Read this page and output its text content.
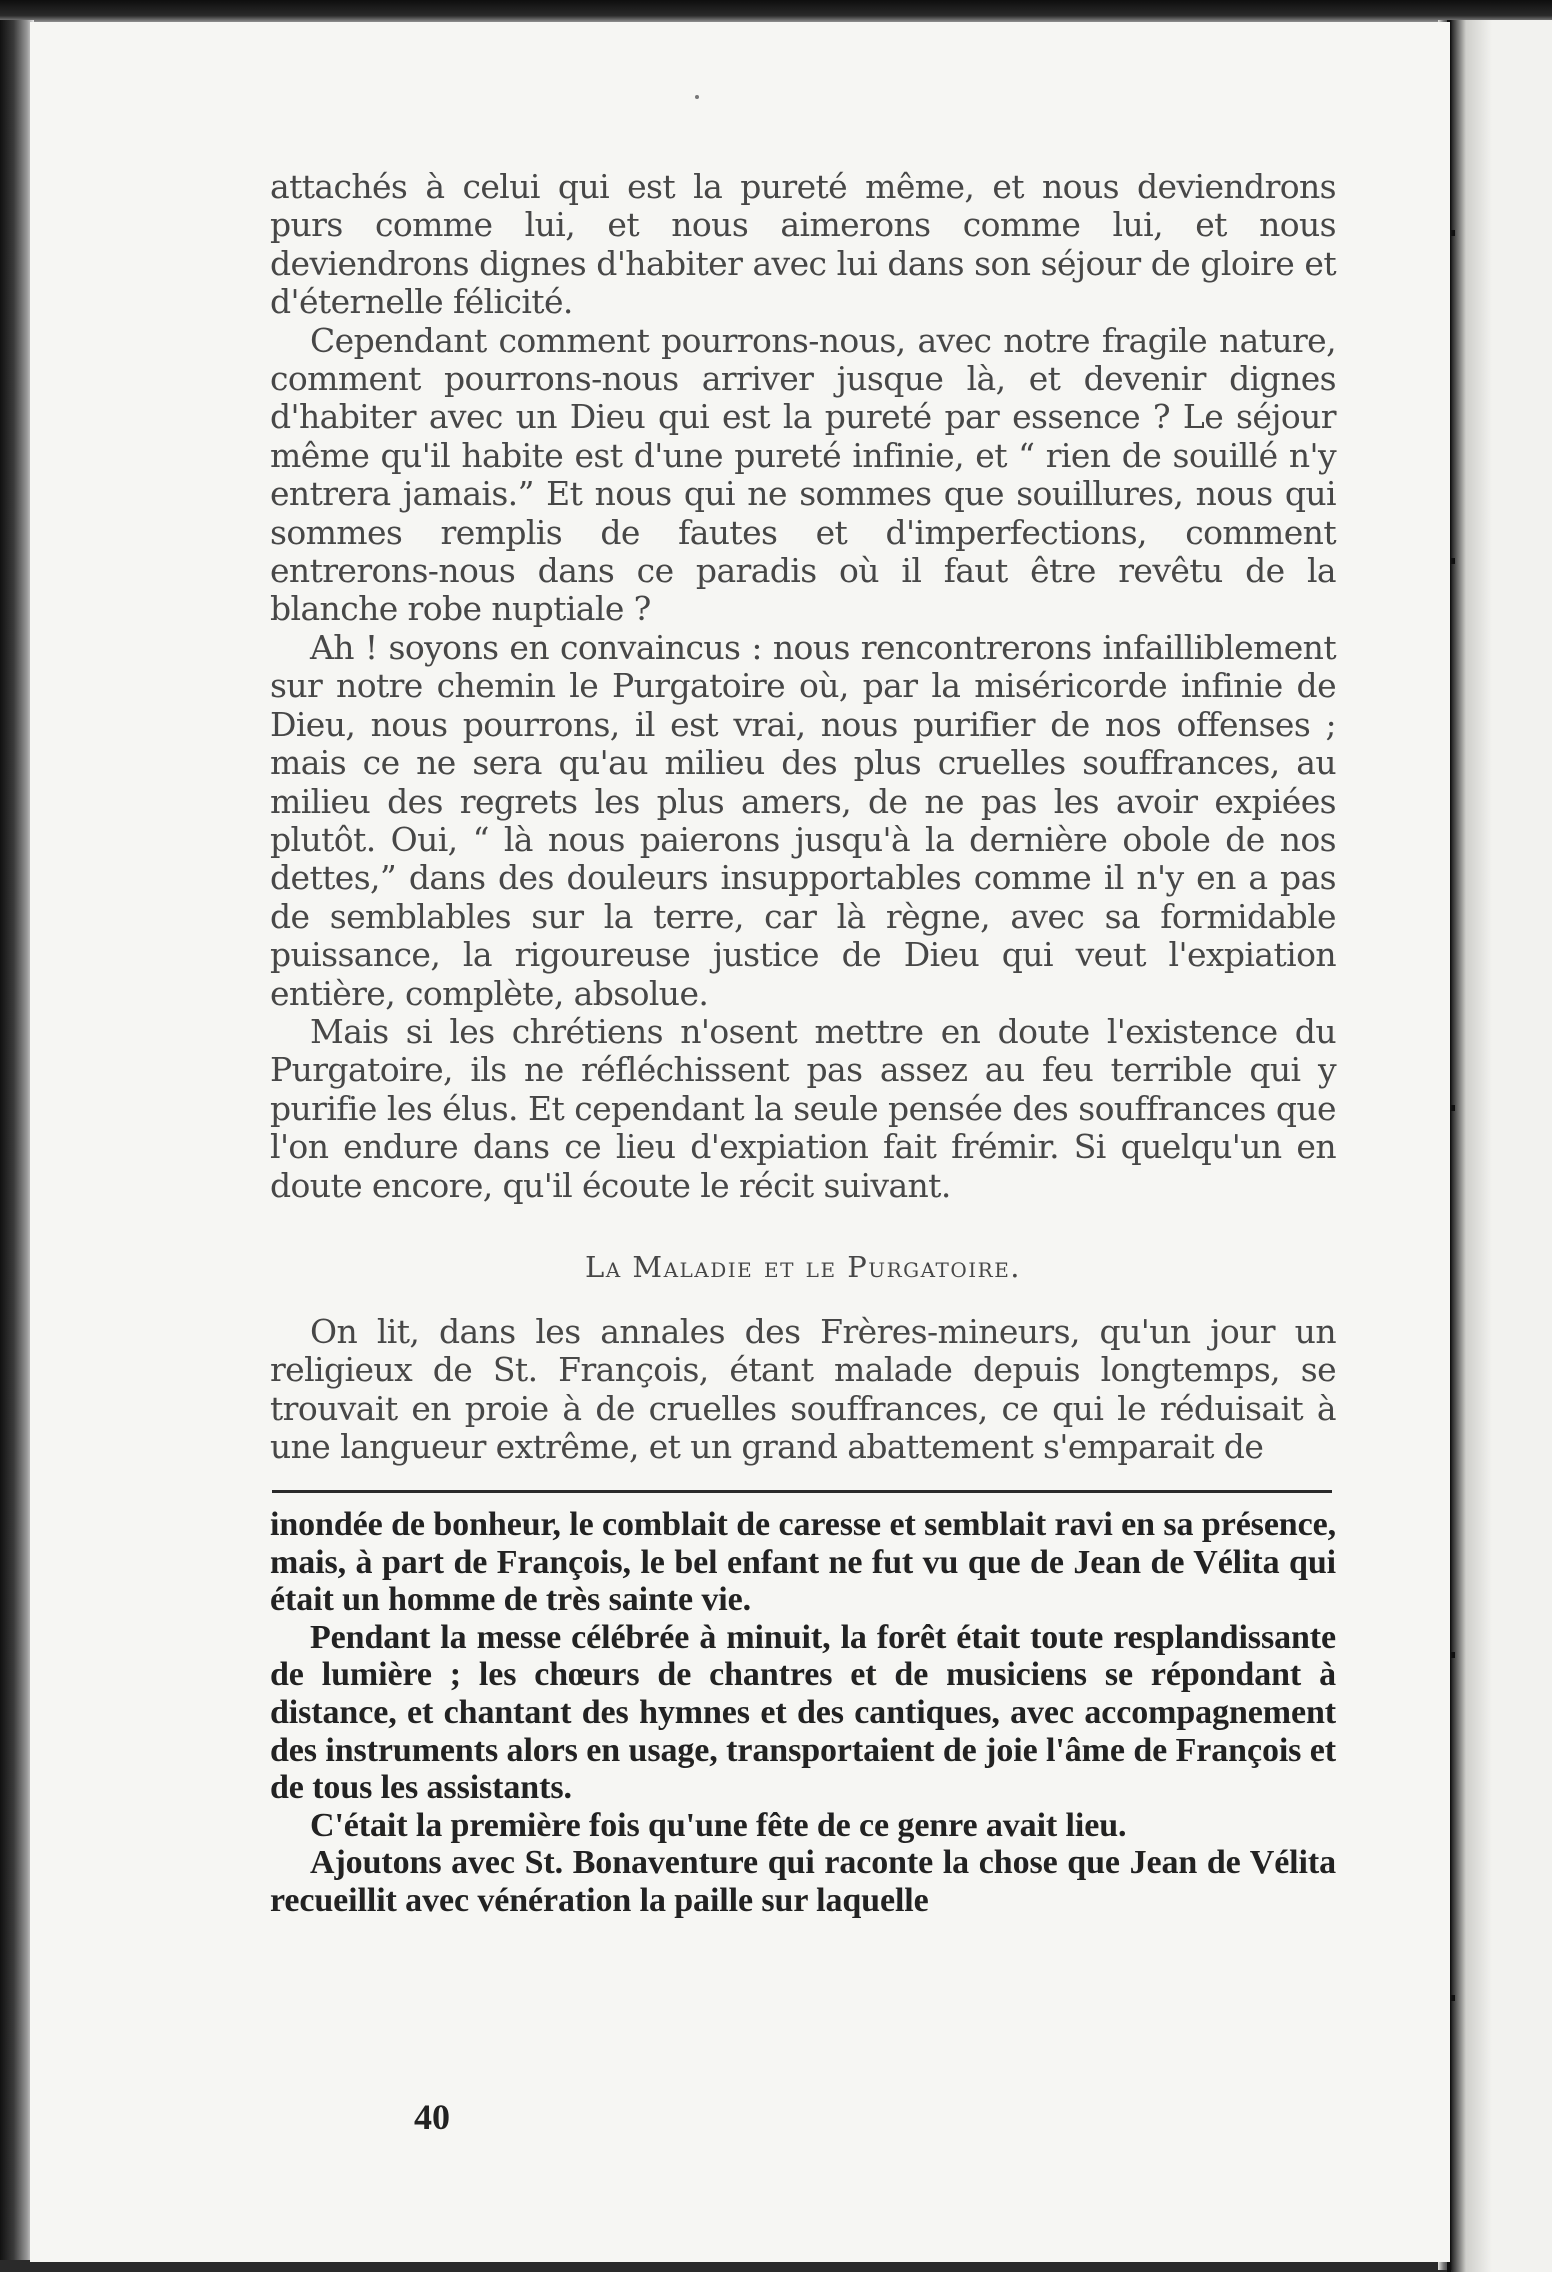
attachés à celui qui est la pureté même, et nous deviendrons purs comme lui, et nous aimerons comme lui, et nous deviendrons dignes d'habiter avec lui dans son séjour de gloire et d'éternelle félicité.

Cependant comment pourrons-nous, avec notre fragile nature, comment pourrons-nous arriver jusque là, et devenir dignes d'habiter avec un Dieu qui est la pureté par essence ? Le séjour même qu'il habite est d'une pureté infinie, et “ rien de souillé n'y entrera jamais.” Et nous qui ne sommes que souillures, nous qui sommes remplis de fautes et d'imperfections, comment entrerons-nous dans ce paradis où il faut être revêtu de la blanche robe nuptiale ?

Ah ! soyons en convaincus : nous rencontrerons infailliblement sur notre chemin le Purgatoire où, par la miséricorde infinie de Dieu, nous pourrons, il est vrai, nous purifier de nos offenses ; mais ce ne sera qu'au milieu des plus cruelles souffrances, au milieu des regrets les plus amers, de ne pas les avoir expiées plutôt. Oui, “ là nous paierons jusqu'à la dernière obole de nos dettes,” dans des douleurs insupportables comme il n'y en a pas de semblables sur la terre, car là règne, avec sa formidable puissance, la rigoureuse justice de Dieu qui veut l'expiation entière, complète, absolue.

Mais si les chrétiens n'osent mettre en doute l'existence du Purgatoire, ils ne réfléchissent pas assez au feu terrible qui y purifie les élus. Et cependant la seule pensée des souffrances que l'on endure dans ce lieu d'expiation fait frémir. Si quelqu'un en doute encore, qu'il écoute le récit suivant.

La Maladie et le Purgatoire.

On lit, dans les annales des Frères-mineurs, qu'un jour un religieux de St. François, étant malade depuis longtemps, se trouvait en proie à de cruelles souffrances, ce qui le réduisait à une langueur extrême, et un grand abattement s'emparait de

inondée de bonheur, le comblait de caresse et semblait ravi en sa présence, mais, à part de François, le bel enfant ne fut vu que de Jean de Vélita qui était un homme de très sainte vie.

Pendant la messe célébrée à minuit, la forêt était toute resplandissante de lumière ; les chœurs de chantres et de musiciens se répondant à distance, et chantant des hymnes et des cantiques, avec accompagnement des instruments alors en usage, transportaient de joie l'âme de François et de tous les assistants.

C'était la première fois qu'une fête de ce genre avait lieu.

Ajoutons avec St. Bonaventure qui raconte la chose que Jean de Vélita recueillit avec vénération la paille sur laquelle

40
